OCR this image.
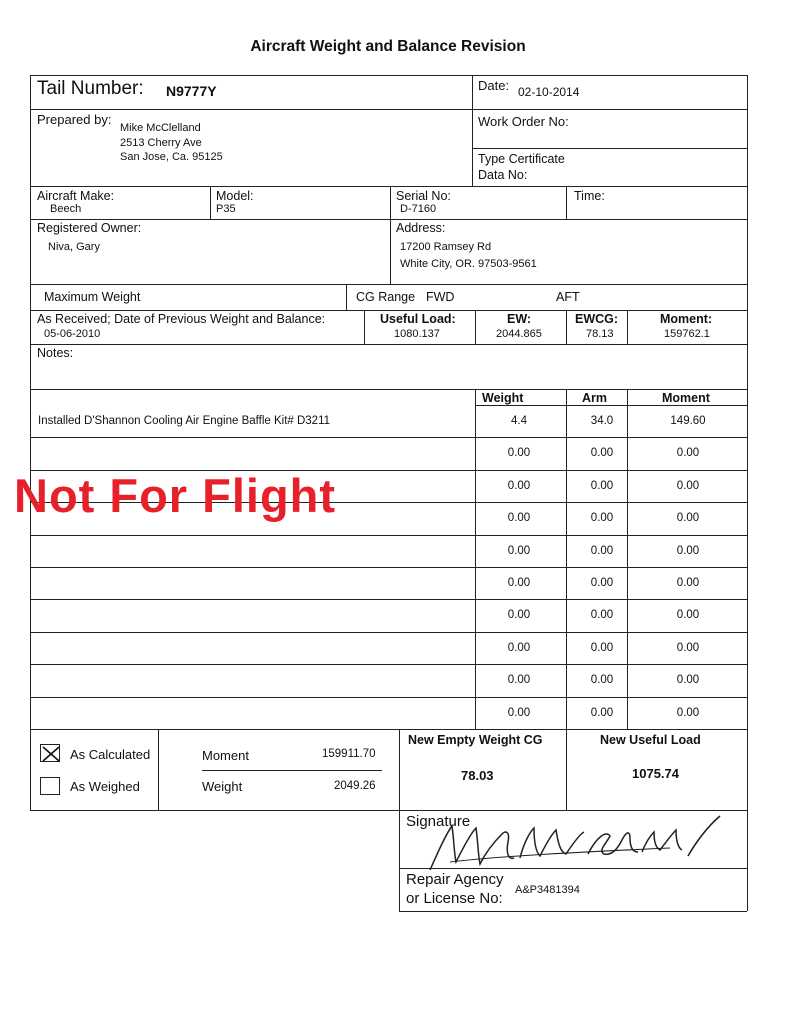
Aircraft Weight and Balance Revision
Tail Number: N9777Y	Date: 02-10-2014
Prepared by:
Mike McClelland
2513 Cherry Ave
San Jose, Ca. 95125
Work Order No:
Type Certificate
Data No:
Aircraft Make:
Beech
Model:
P35
Serial No:
D-7160
Time:
Registered Owner:
Niva, Gary
Address:
17200 Ramsey Rd
White City, OR. 97503-9561
Maximum Weight	CG Range FWD	AFT
As Received; Date of Previous Weight and Balance:
05-06-2010
Useful Load:
1080.137
EW:
2044.865
EWCG:
78.13
Moment:
159762.1
Notes:
Weight	Arm	Moment
Installed D'Shannon Cooling Air Engine Baffle Kit# D3211	4.4	34.0	149.60
0.00	0.00	0.00
0.00	0.00	0.00
0.00	0.00	0.00
0.00	0.00	0.00
0.00	0.00	0.00
0.00	0.00	0.00
0.00	0.00	0.00
0.00	0.00	0.00
0.00	0.00	0.00
Not For Flight
As Calculated
As Weighed
Moment	159911.70
Weight	2049.26
New Empty Weight CG
78.03
New Useful Load
1075.74
Signature
Repair Agency
or License No: A&P3481394
